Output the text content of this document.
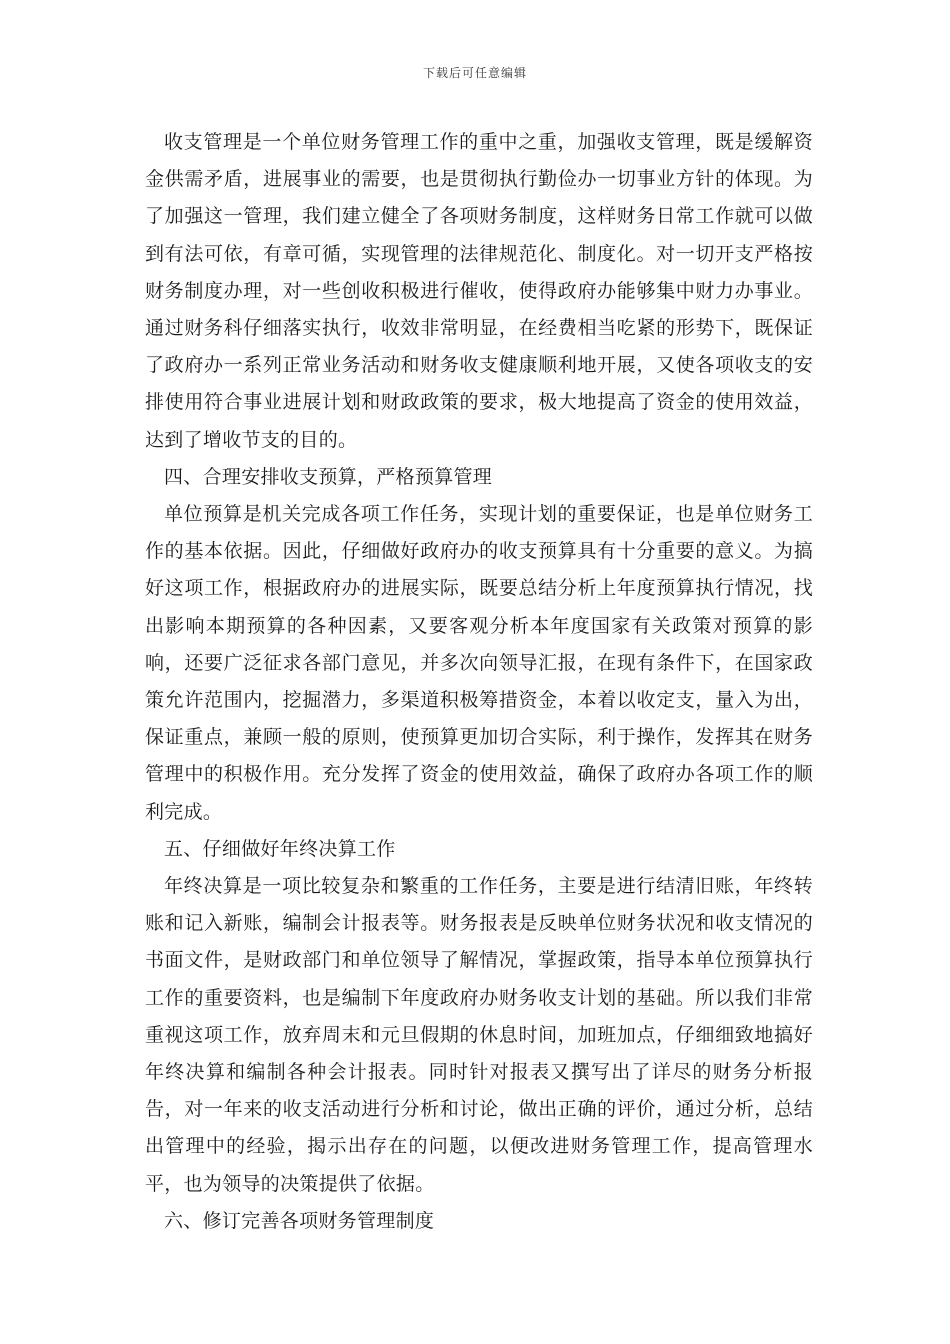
下载后可任意编辑

收支管理是一个单位财务管理工作的重中之重，加强收支管理，既是缓解资金供需矛盾，进展事业的需要，也是贯彻执行勤俭办一切事业方针的体现。为了加强这一管理，我们建立健全了各项财务制度，这样财务日常工作就可以做到有法可依，有章可循，实现管理的法律规范化、制度化。对一切开支严格按财务制度办理，对一些创收积极进行催收，使得政府办能够集中财力办事业。通过财务科仔细落实执行，收效非常明显，在经费相当吃紧的形势下，既保证了政府办一系列正常业务活动和财务收支健康顺利地开展，又使各项收支的安排使用符合事业进展计划和财政政策的要求，极大地提高了资金的使用效益，达到了增收节支的目的。

四、合理安排收支预算，严格预算管理

单位预算是机关完成各项工作任务，实现计划的重要保证，也是单位财务工作的基本依据。因此，仔细做好政府办的收支预算具有十分重要的意义。为搞好这项工作，根据政府办的进展实际，既要总结分析上年度预算执行情况，找出影响本期预算的各种因素，又要客观分析本年度国家有关政策对预算的影响，还要广泛征求各部门意见，并多次向领导汇报，在现有条件下，在国家政策允许范围内，挖掘潜力，多渠道积极筹措资金，本着以收定支，量入为出，保证重点，兼顾一般的原则，使预算更加切合实际，利于操作，发挥其在财务管理中的积极作用。充分发挥了资金的使用效益，确保了政府办各项工作的顺利完成。

五、仔细做好年终决算工作

年终决算是一项比较复杂和繁重的工作任务，主要是进行结清旧账，年终转账和记入新账，编制会计报表等。财务报表是反映单位财务状况和收支情况的书面文件，是财政部门和单位领导了解情况，掌握政策，指导本单位预算执行工作的重要资料，也是编制下年度政府办财务收支计划的基础。所以我们非常重视这项工作，放弃周末和元旦假期的休息时间，加班加点，仔细细致地搞好年终决算和编制各种会计报表。同时针对报表又撰写出了详尽的财务分析报告，对一年来的收支活动进行分析和讨论，做出正确的评价，通过分析，总结出管理中的经验，揭示出存在的问题，以便改进财务管理工作，提高管理水平，也为领导的决策提供了依据。

六、修订完善各项财务管理制度
